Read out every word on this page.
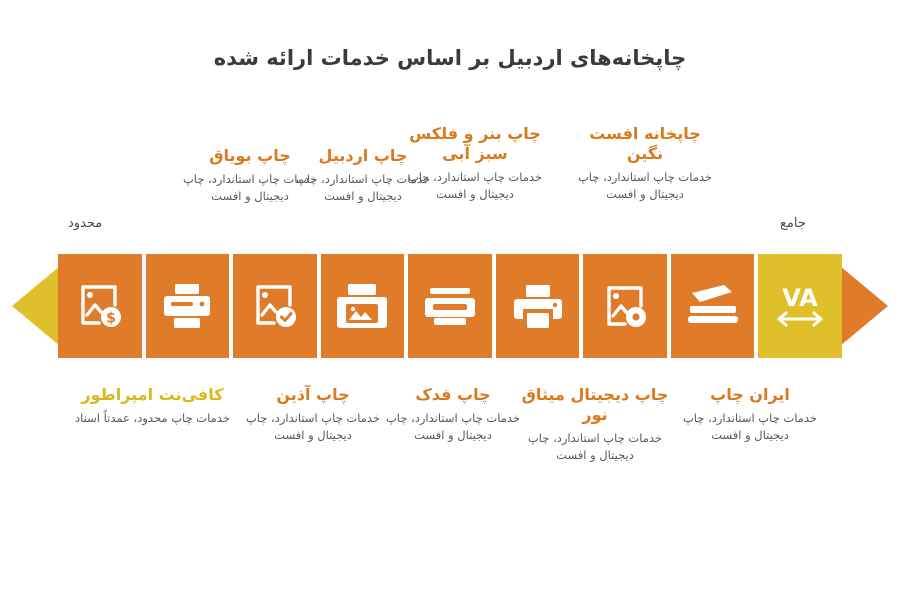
چاپخانه‌های اردبیل بر اساس خدمات ارائه شده
محدود	جامع
VA
$
چاپ بویاق
خدمات چاپ استاندارد، چاپ دیجیتال و افست
چاپ اردبیل
خدمات چاپ استاندارد، چاپ دیجیتال و افست
چاپ بنر و فلکس سبز آبی
خدمات چاپ استاندارد، چاپ دیجیتال و افست
چاپخانه افست نگین
خدمات چاپ استاندارد، چاپ دیجیتال و افست
کافی‌نت امپراطور
خدمات چاپ محدود، عمدتاً اسناد
چاپ آذین
خدمات چاپ استاندارد، چاپ دیجیتال و افست
چاپ فدک
خدمات چاپ استاندارد، چاپ دیجیتال و افست
چاپ دیجیتال میثاق نور
خدمات چاپ استاندارد، چاپ دیجیتال و افست
ایران چاپ
خدمات چاپ استاندارد، چاپ دیجیتال و افست
